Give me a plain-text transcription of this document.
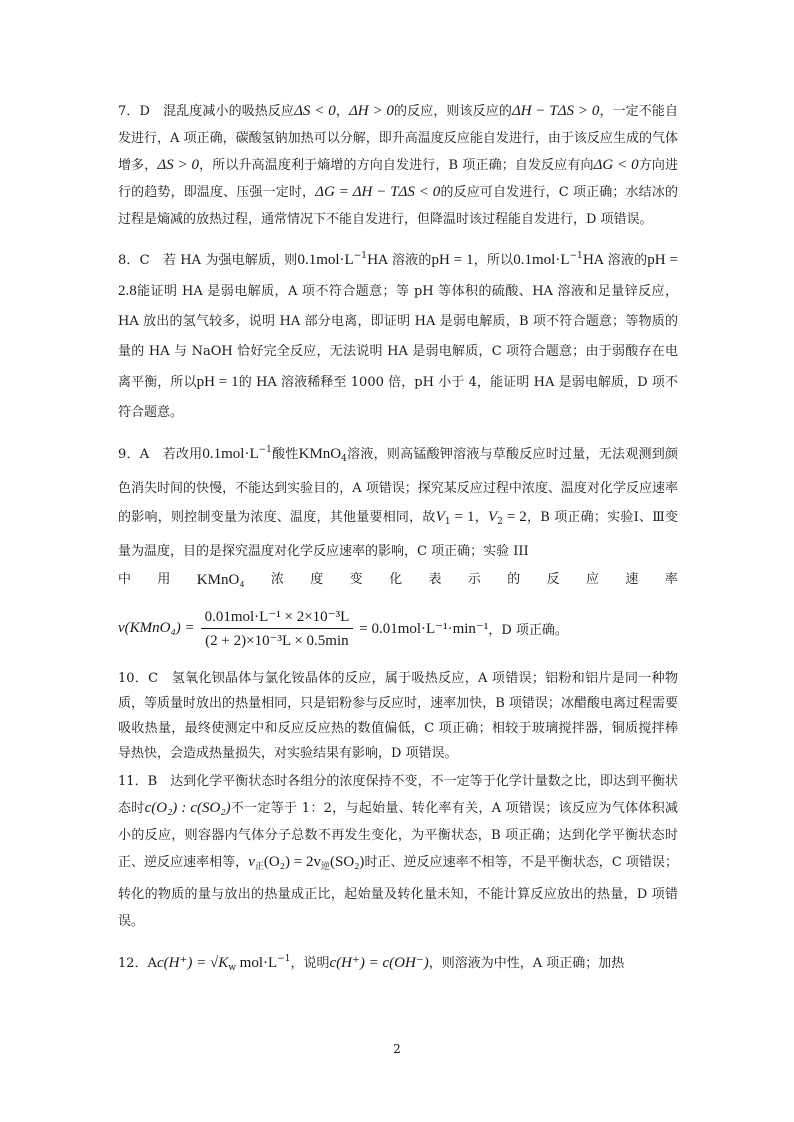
7．D　混乱度减小的吸热反应ΔS < 0，ΔH > 0的反应，则该反应的ΔH − TΔS > 0，一定不能自发进行，A 项正确，碳酸氢钠加热可以分解，即升高温度反应能自发进行，由于该反应生成的气体增多，ΔS > 0，所以升高温度利于熵增的方向自发进行，B 项正确；自发反应有向ΔG < 0方向进行的趋势，即温度、压强一定时，ΔG = ΔH − TΔS < 0的反应可自发进行，C 项正确；水结冰的过程是熵减的放热过程，通常情况下不能自发进行，但降温时该过程能自发进行，D 项错误。

8．C　若 HA 为强电解质，则$0.1mol\cdot L^{-1}HA$ 溶液的pH = 1，所以$0.1mol\cdot L^{-1}HA$ 溶液的pH = 2.8能证明 HA 是弱电解质，A 项不符合题意；等 pH 等体积的硫酸、HA 溶液和足量锌反应，HA 放出的氢气较多，说明 HA 部分电离，即证明 HA 是弱电解质，B 项不符合题意；等物质的量的 HA 与 NaOH 恰好完全反应，无法说明 HA 是弱电解质，C 项符合题意；由于弱酸存在电离平衡，所以pH = 1的 HA 溶液稀释至 1000 倍，pH 小于 4，能证明 HA 是弱电解质，D 项不符合题意。

9．A　若改用$0.1mol\cdot L^{-1}$酸性KMnO$_4$溶液，则高锰酸钾溶液与草酸反应时过量，无法观测到颜色消失时间的快慢，不能达到实验目的，A 项错误；探究某反应过程中浓度、温度对化学反应速率的影响，则控制变量为浓度、温度，其他量要相同，故$V_1 = 1$，$V_2 = 2$，B 项正确；实验Ⅰ、Ⅲ变量为温度，目的是探究温度对化学反应速率的影响，C 项正确；实验 III

中 用 KMnO₄ 浓 度 变 化 表 示 的 反 应 速 率
v(KMnO₄) = $\frac{\text{0.01mol·L⁻¹ × 2×10⁻³L}}{\text{(2 + 2)×10⁻³L × 0.5min}} = 0.01mol\cdot L^{-1}\cdot\min^{-1}$ ，D 项正确。

10．C　氢氧化钡晶体与氯化铵晶体的反应，属于吸热反应，A 项错误；铝粉和铝片是同一种物质，等质量时放出的热量相同，只是铝粉参与反应时，速率加快，B 项错误；冰醋酸电离过程需要吸收热量，最终使测定中和反应反应热的数值偏低，C 项正确；相较于玻璃搅拌器，铜质搅拌棒导热快，会造成热量损失，对实验结果有影响，D 项错误。

11．B　达到化学平衡状态时各组分的浓度保持不变，不一定等于化学计量数之比，即达到平衡状态时c(O₂) : c(SO₂)不一定等于 1：2，与起始量、转化率有关，A 项错误；该反应为气体体积减小的反应，则容器内气体分子总数不再发生变化，为平衡状态，B 项正确；达到化学平衡状态时正、逆反应速率相等，$v_正(O_2) = 2v_逆(SO_2)$时正、逆反应速率不相等，不是平衡状态，C 项错误；转化的物质的量与放出的热量成正比，起始量及转化量未知，不能计算反应放出的热量，D 项错误。

12．$Ac(H^+) = √K_w$ $mol\cdot L^{-1}$，说明c(H⁺) = c(OH⁻)，则溶液为中性，A 项正确；加热

2
